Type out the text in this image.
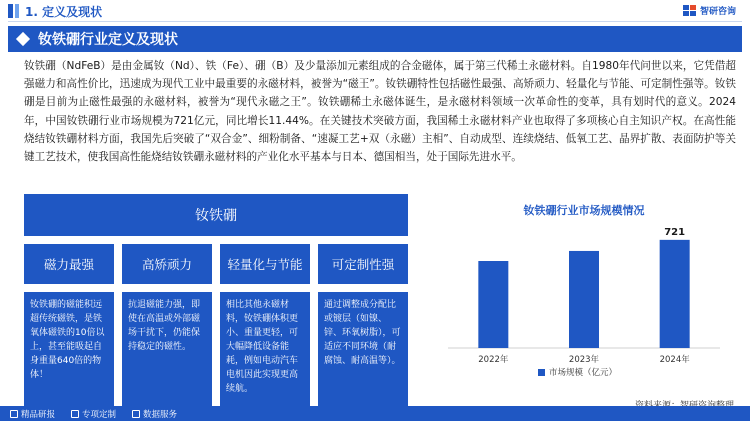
1. 定义及现状	智研咨询
钕铁硼行业定义及现状
钕铁硼（NdFeB）是由金属钕（Nd）、铁（Fe）、硼（B）及少量添加元素组成的合金磁体，属于第三代稀土永磁材料。自1980年代问世以来，它凭借超强磁力和高性价比，迅速成为现代工业中最重要的永磁材料，被誉为“磁王”。钕铁硼特性包括磁性最强、高矫顽力、轻量化与节能、可定制性强等。钕铁硼是目前为止磁性最强的永磁材料，被誉为“现代永磁之王”。钕铁硼稀土永磁体诞生，是永磁材料领域一次革命性的变革，具有划时代的意义。2024年，中国钕铁硼行业市场规模为721亿元，同比增长11.44%。在关键技术突破方面，我国稀土永磁材料产业也取得了多项核心自主知识产权。在高性能烧结钕铁硼材料方面，我国先后突破了“双合金”、细粉制备、“速凝工艺+双（永磁）主相”、自动成型、连续烧结、低氧工艺、晶界扩散、表面防护等关键工艺技术，使我国高性能烧结钕铁硼永磁材料的产业化水平基本与日本、德国相当，处于国际先进水平。
钕铁硼
磁力最强
钕铁硼的磁能积远超传统磁铁，是铁氧体磁铁的10倍以上，甚至能吸起自身重量640倍的物体！
高矫顽力
抗退磁能力强，即使在高温或外部磁场干扰下，仍能保持稳定的磁性。
轻量化与节能
相比其他永磁材料，钕铁硼体积更小、重量更轻，可大幅降低设备能耗，例如电动汽车电机因此实现更高续航。
可定制性强
通过调整成分配比或镀层（如镍、锌、环氧树脂），可适应不同环境（耐腐蚀、耐高温等）。
钕铁硼行业市场规模情况
2022年	2023年
721
2024年
市场规模（亿元）
精品研报	专项定制	数据服务
